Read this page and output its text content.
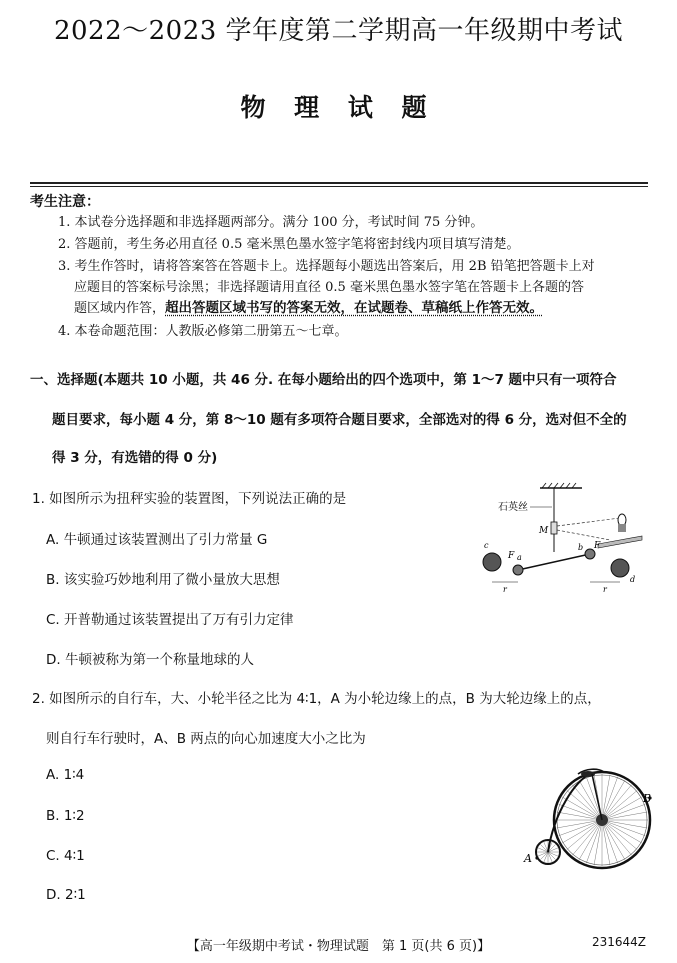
2022～2023 学年度第二学期高一年级期中考试
物 理 试 题
考生注意：
1. 本试卷分选择题和非选择题两部分。满分 100 分，考试时间 75 分钟。
2. 答题前，考生务必用直径 0.5 毫米黑色墨水签字笔将密封线内项目填写清楚。
3. 考生作答时，请将答案答在答题卡上。选择题每小题选出答案后，用 2B 铅笔把答题卡上对
应题目的答案标号涂黑；非选择题请用直径 0.5 毫米黑色墨水签字笔在答题卡上各题的答
题区域内作答，超出答题区域书写的答案无效，在试题卷、草稿纸上作答无效。
4. 本卷命题范围：人教版必修第二册第五～七章。
一、选择题(本题共 10 小题，共 46 分. 在每小题给出的四个选项中，第 1～7 题中只有一项符合
题目要求，每小题 4 分，第 8～10 题有多项符合题目要求，全部选对的得 6 分，选对但不全的
得 3 分，有选错的得 0 分)
1. 如图所示为扭秤实验的装置图，下列说法正确的是
A. 牛顿通过该装置测出了引力常量 G
B. 该实验巧妙地利用了微小量放大思想
C. 开普勒通过该装置提出了万有引力定律
D. 牛顿被称为第一个称量地球的人
石英丝
M
c
F a
b F
d
r	r
2. 如图所示的自行车，大、小轮半径之比为 4∶1，A 为小轮边缘上的点，B 为大轮边缘上的点，
则自行车行驶时，A、B 两点的向心加速度大小之比为
A. 1∶4
B. 1∶2
C. 4∶1
D. 2∶1
B
A
【高一年级期中考试・物理试题　第 1 页(共 6 页)】	231644Z
